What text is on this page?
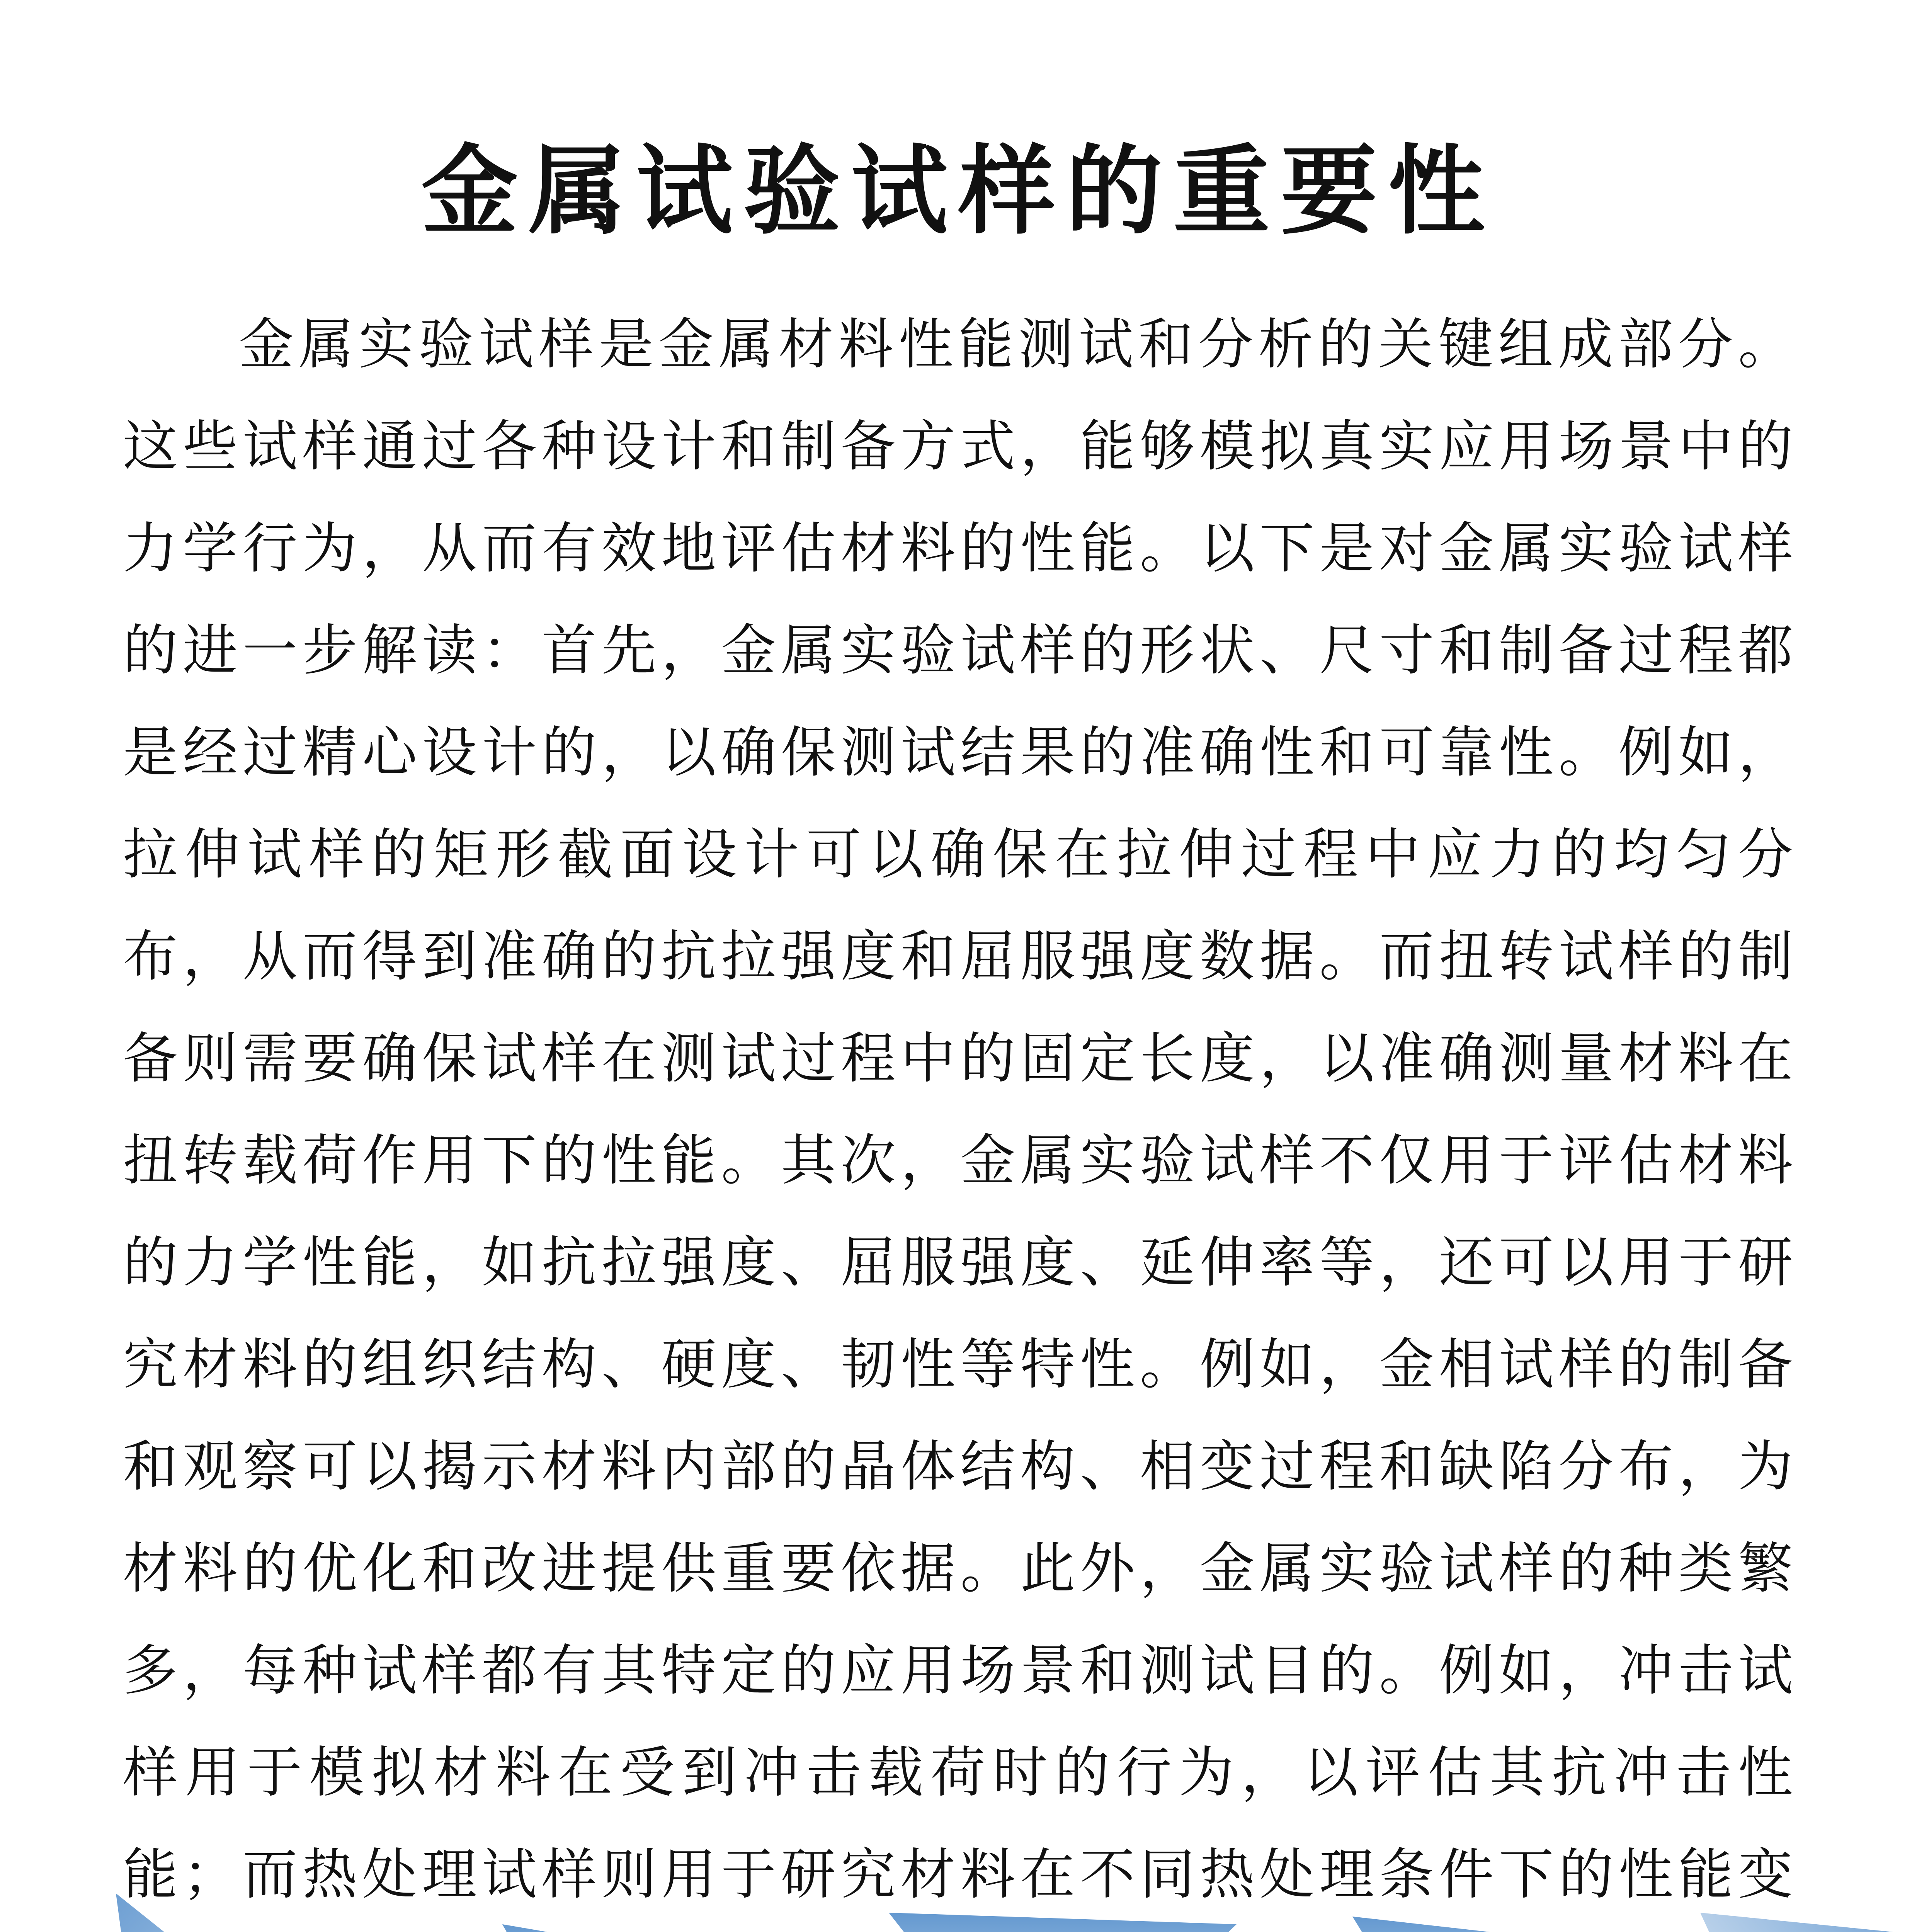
金属试验试样的重要性

金属实验试样是金属材料性能测试和分析的关键组成部分。这些试样通过各种设计和制备方式，能够模拟真实应用场景中的力学行为，从而有效地评估材料的性能。以下是对金属实验试样的进一步解读：首先，金属实验试样的形状、尺寸和制备过程都是经过精心设计的，以确保测试结果的准确性和可靠性。例如，拉伸试样的矩形截面设计可以确保在拉伸过程中应力的均匀分布，从而得到准确的抗拉强度和屈服强度数据。而扭转试样的制备则需要确保试样在测试过程中的固定长度，以准确测量材料在扭转载荷作用下的性能。其次，金属实验试样不仅用于评估材料的力学性能，如抗拉强度、屈服强度、延伸率等，还可以用于研究材料的组织结构、硬度、韧性等特性。例如，金相试样的制备和观察可以揭示材料内部的晶体结构、相变过程和缺陷分布，为材料的优化和改进提供重要依据。此外，金属实验试样的种类繁多，每种试样都有其特定的应用场景和测试目的。例如，冲击试样用于模拟材料在受到冲击载荷时的行为，以评估其抗冲击性能；而热处理试样则用于研究材料在不同热处理条件下的性能变
